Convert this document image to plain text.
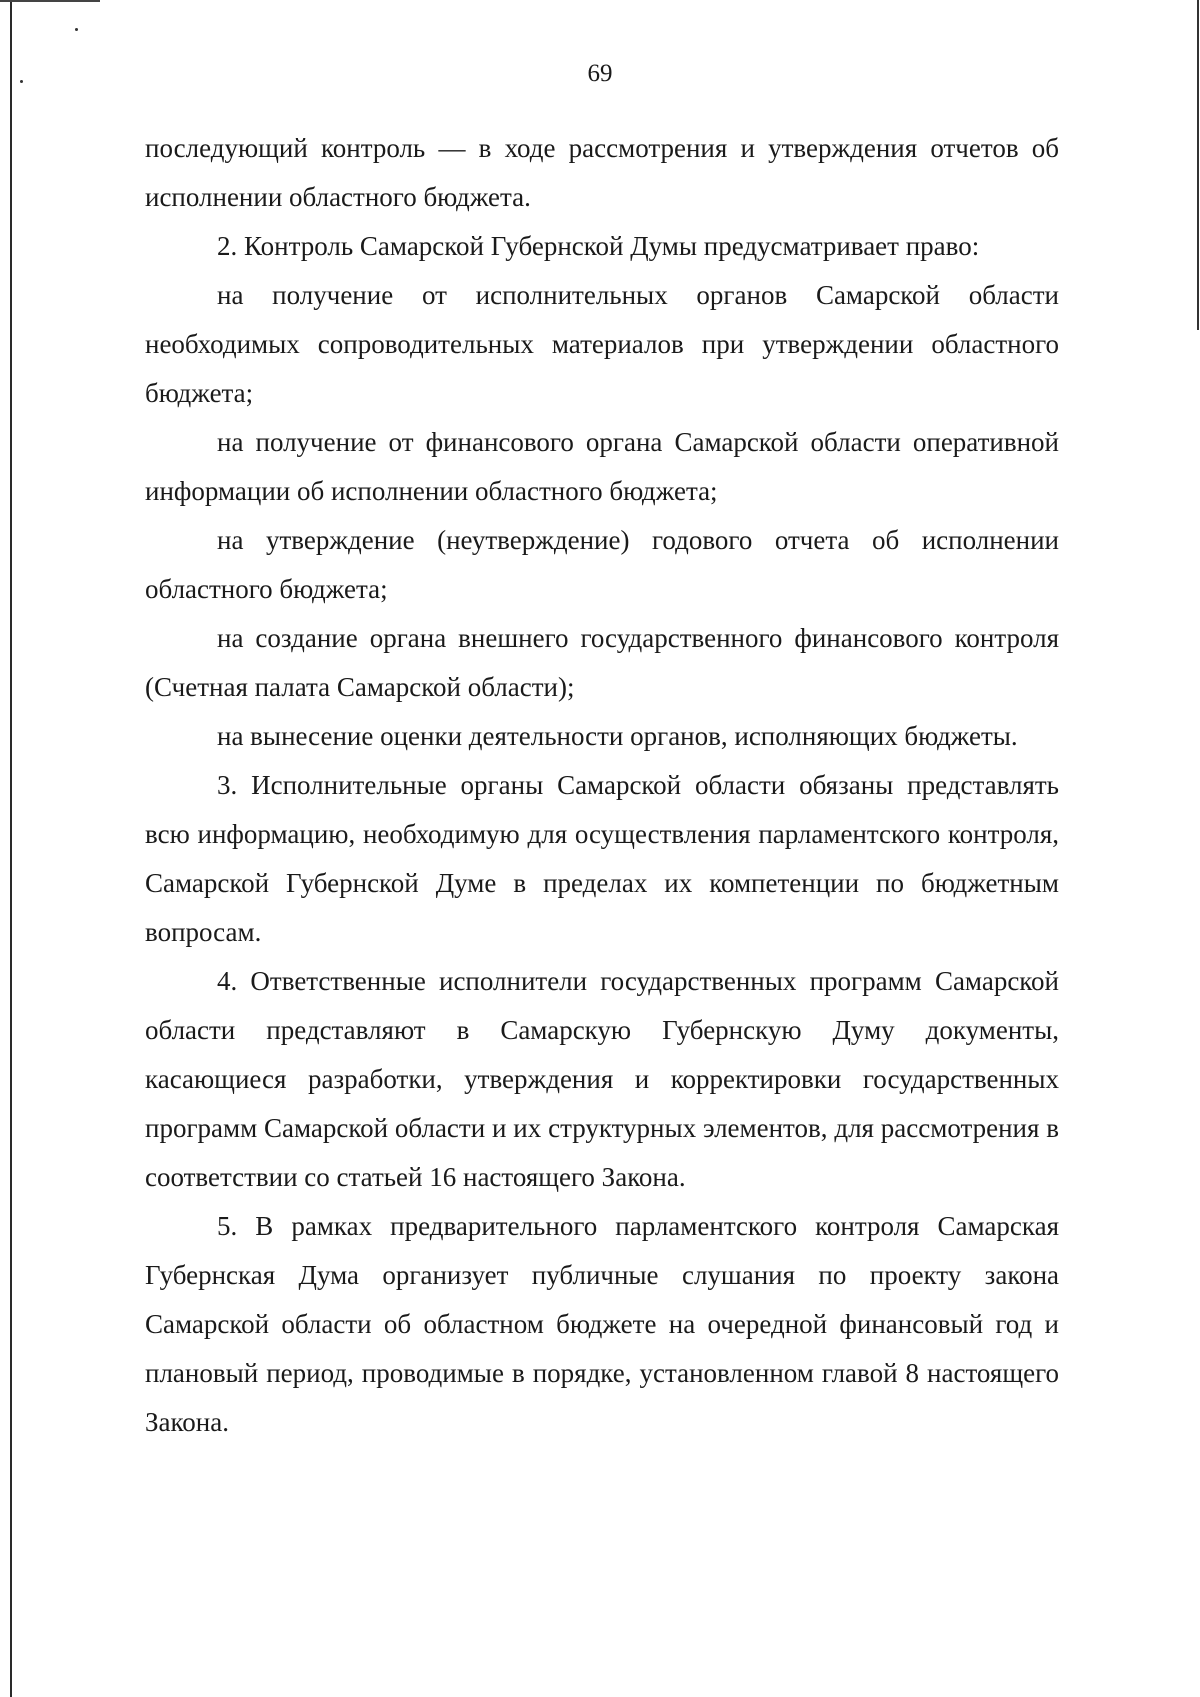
69

последующий контроль — в ходе рассмотрения и утверждения отчетов об исполнении областного бюджета.

2. Контроль Самарской Губернской Думы предусматривает право:

на получение от исполнительных органов Самарской области необходимых сопроводительных материалов при утверждении областного бюджета;

на получение от финансового органа Самарской области оперативной информации об исполнении областного бюджета;

на утверждение (неутверждение) годового отчета об исполнении областного бюджета;

на создание органа внешнего государственного финансового контроля (Счетная палата Самарской области);

на вынесение оценки деятельности органов, исполняющих бюджеты.

3. Исполнительные органы Самарской области обязаны представлять всю информацию, необходимую для осуществления парламентского контроля, Самарской Губернской Думе в пределах их компетенции по бюджетным вопросам.

4. Ответственные исполнители государственных программ Самарской области представляют в Самарскую Губернскую Думу документы, касающиеся разработки, утверждения и корректировки государственных программ Самарской области и их структурных элементов, для рассмотрения в соответствии со статьей 16 настоящего Закона.

5. В рамках предварительного парламентского контроля Самарская Губернская Дума организует публичные слушания по проекту закона Самарской области об областном бюджете на очередной финансовый год и плановый период, проводимые в порядке, установленном главой 8 настоящего Закона.
